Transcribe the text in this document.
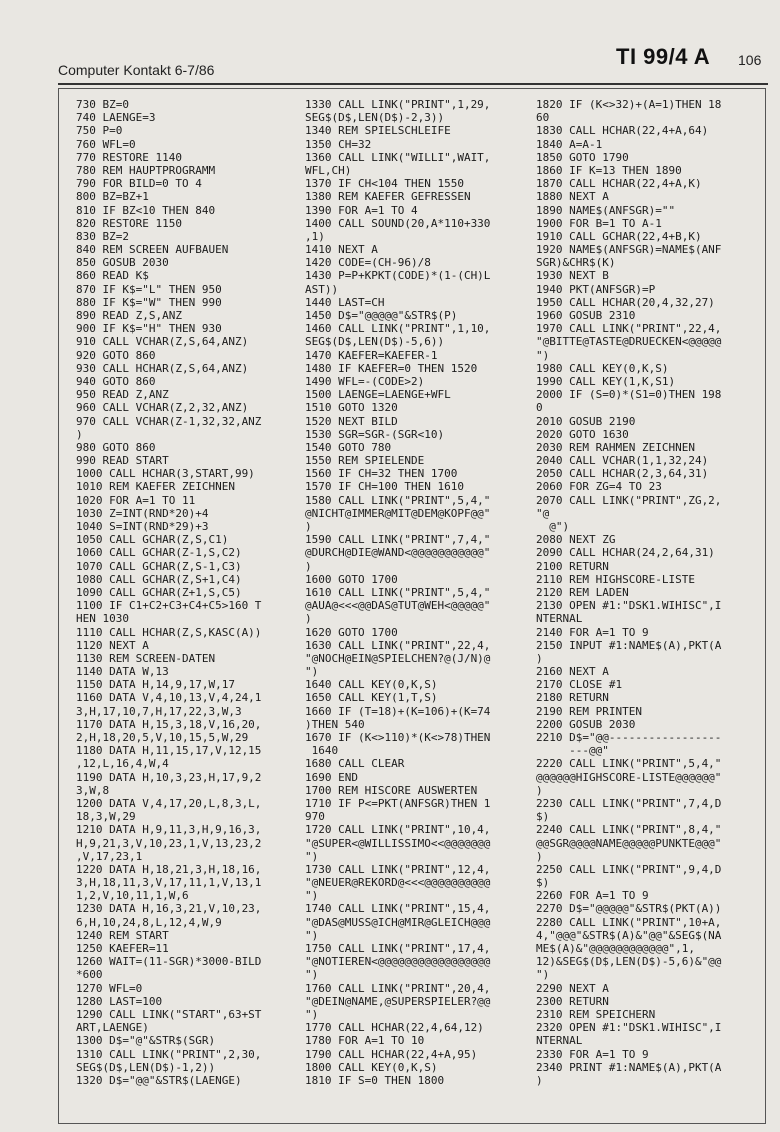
Computer Kontakt 6-7/86
TI 99/4 A 106
730 BZ=0
740 LAENGE=3
750 P=0
760 WFL=0
770 RESTORE 1140
780 REM HAUPTPROGRAMM
790 FOR BILD=0 TO 4
800 BZ=BZ+1
810 IF BZ<10 THEN 840
820 RESTORE 1150
830 BZ=2
840 REM SCREEN AUFBAUEN
850 GOSUB 2030
860 READ K$
870 IF K$="L" THEN 950
880 IF K$="W" THEN 990
890 READ Z,S,ANZ
900 IF K$="H" THEN 930
910 CALL VCHAR(Z,S,64,ANZ)
920 GOTO 860
930 CALL HCHAR(Z,S,64,ANZ)
940 GOTO 860
950 READ Z,ANZ
960 CALL VCHAR(Z,2,32,ANZ)
970 CALL VCHAR(Z-1,32,32,ANZ
)
980 GOTO 860
990 READ START
1000 CALL HCHAR(3,START,99)
1010 REM KAEFER ZEICHNEN
1020 FOR A=1 TO 11
1030 Z=INT(RND*20)+4
1040 S=INT(RND*29)+3
1050 CALL GCHAR(Z,S,C1)
1060 CALL GCHAR(Z-1,S,C2)
1070 CALL GCHAR(Z,S-1,C3)
1080 CALL GCHAR(Z,S+1,C4)
1090 CALL GCHAR(Z+1,S,C5)
1100 IF C1+C2+C3+C4+C5>160 T
HEN 1030
1110 CALL HCHAR(Z,S,KASC(A))
1120 NEXT A
1130 REM SCREEN-DATEN
1140 DATA W,13
1150 DATA H,14,9,17,W,17
1160 DATA V,4,10,13,V,4,24,1
3,H,17,10,7,H,17,22,3,W,3
1170 DATA H,15,3,18,V,16,20,
2,H,18,20,5,V,10,15,5,W,29
1180 DATA H,11,15,17,V,12,15
,12,L,16,4,W,4
1190 DATA H,10,3,23,H,17,9,2
3,W,8
1200 DATA V,4,17,20,L,8,3,L,
18,3,W,29
1210 DATA H,9,11,3,H,9,16,3,
H,9,21,3,V,10,23,1,V,13,23,2
,V,17,23,1
1220 DATA H,18,21,3,H,18,16,
3,H,18,11,3,V,17,11,1,V,13,1
1,2,V,10,11,1,W,6
1230 DATA H,16,3,21,V,10,23,
6,H,10,24,8,L,12,4,W,9
1240 REM START
1250 KAEFER=11
1260 WAIT=(11-SGR)*3000-BILD
*600
1270 WFL=0
1280 LAST=100
1290 CALL LINK("START",63+ST
ART,LAENGE)
1300 D$="@"&STR$(SGR)
1310 CALL LINK("PRINT",2,30,
SEG$(D$,LEN(D$)-1,2))
1320 D$="@@"&STR$(LAENGE)
1330 CALL LINK("PRINT",1,29,
SEG$(D$,LEN(D$)-2,3))
1340 REM SPIELSCHLEIFE
1350 CH=32
1360 CALL LINK("WILLI",WAIT,
WFL,CH)
1370 IF CH<104 THEN 1550
1380 REM KAEFER GEFRESSEN
1390 FOR A=1 TO 4
1400 CALL SOUND(20,A*110+330
,1)
1410 NEXT A
1420 CODE=(CH-96)/8
1430 P=P+KPKT(CODE)*(1-(CH)L
AST))
1440 LAST=CH
1450 D$="@@@@@"&STR$(P)
1460 CALL LINK("PRINT",1,10,
SEG$(D$,LEN(D$)-5,6))
1470 KAEFER=KAEFER-1
1480 IF KAEFER=0 THEN 1520
1490 WFL=-(CODE>2)
1500 LAENGE=LAENGE+WFL
1510 GOTO 1320
1520 NEXT BILD
1530 SGR=SGR-(SGR<10)
1540 GOTO 780
1550 REM SPIELENDE
1560 IF CH=32 THEN 1700
1570 IF CH=100 THEN 1610
1580 CALL LINK("PRINT",5,4,"
@NICHT@IMMER@MIT@DEM@KOPF@@"
)
1590 CALL LINK("PRINT",7,4,"
@DURCH@DIE@WAND<@@@@@@@@@@@"
)
1600 GOTO 1700
1610 CALL LINK("PRINT",5,4,"
@AUA@<<<@@DAS@TUT@WEH<@@@@@"
)
1620 GOTO 1700
1630 CALL LINK("PRINT",22,4,
"@NOCH@EIN@SPIELCHEN?@(J/N)@
")
1640 CALL KEY(0,K,S)
1650 CALL KEY(1,T,S)
1660 IF (T=18)+(K=106)+(K=74
)THEN 540
1670 IF (K<>110)*(K<>78)THEN
1640
1680 CALL CLEAR
1690 END
1700 REM HISCORE AUSWERTEN
1710 IF P<=PKT(ANFSGR)THEN 1
970
1720 CALL LINK("PRINT",10,4,
"@SUPER<@WILLISSIMO<<@@@@@@@
")
1730 CALL LINK("PRINT",12,4,
"@NEUER@REKORD@<<<@@@@@@@@@@
")
1740 CALL LINK("PRINT",15,4,
"@DAS@MUSS@ICH@MIR@GLEICH@@@
")
1750 CALL LINK("PRINT",17,4,
"@NOTIEREN<@@@@@@@@@@@@@@@@@
")
1760 CALL LINK("PRINT",20,4,
"@DEIN@NAME,@SUPERSPIELER?@@
")
1770 CALL HCHAR(22,4,64,12)
1780 FOR A=1 TO 10
1790 CALL HCHAR(22,4+A,95)
1800 CALL KEY(0,K,S)
1810 IF S=0 THEN 1800
1820 IF (K<>32)+(A=1)THEN 18
60
1830 CALL HCHAR(22,4+A,64)
1840 A=A-1
1850 GOTO 1790
1860 IF K=13 THEN 1890
1870 CALL HCHAR(22,4+A,K)
1880 NEXT A
1890 NAME$(ANFSGR)=""
1900 FOR B=1 TO A-1
1910 CALL GCHAR(22,4+B,K)
1920 NAME$(ANFSGR)=NAME$(ANF
SGR)&CHR$(K)
1930 NEXT B
1940 PKT(ANFSGR)=P
1950 CALL HCHAR(20,4,32,27)
1960 GOSUB 2310
1970 CALL LINK("PRINT",22,4,
"@BITTE@TASTE@DRUECKEN<@@@@@
")
1980 CALL KEY(0,K,S)
1990 CALL KEY(1,K,S1)
2000 IF (S=0)*(S1=0)THEN 198
0
2010 GOSUB 2190
2020 GOTO 1630
2030 REM RAHMEN ZEICHNEN
2040 CALL VCHAR(1,1,32,24)
2050 CALL HCHAR(2,3,64,31)
2060 FOR ZG=4 TO 23
2070 CALL LINK("PRINT",ZG,2,
"@
@")
2080 NEXT ZG
2090 CALL HCHAR(24,2,64,31)
2100 RETURN
2110 REM HIGHSCORE-LISTE
2120 REM LADEN
2130 OPEN #1:"DSK1.WIHISC",I
NTERNAL
2140 FOR A=1 TO 9
2150 INPUT #1:NAME$(A),PKT(A
)
2160 NEXT A
2170 CLOSE #1
2180 RETURN
2190 REM PRINTEN
2200 GOSUB 2030
2210 D$="@@-----------------
---@@"
2220 CALL LINK("PRINT",5,4,"
@@@@@@HIGHSCORE-LISTE@@@@@@"
)
2230 CALL LINK("PRINT",7,4,D
$)
2240 CALL LINK("PRINT",8,4,"
@@SGR@@@@NAME@@@@@PUNKTE@@@"
)
2250 CALL LINK("PRINT",9,4,D
$)
2260 FOR A=1 TO 9
2270 D$="@@@@@"&STR$(PKT(A))
2280 CALL LINK("PRINT",10+A,
4,"@@@"&STR$(A)&"@@"&SEG$(NA
ME$(A)&"@@@@@@@@@@@@",1,
12)&SEG$(D$,LEN(D$)-5,6)&"@@
")
2290 NEXT A
2300 RETURN
2310 REM SPEICHERN
2320 OPEN #1:"DSK1.WIHISC",I
NTERNAL
2330 FOR A=1 TO 9
2340 PRINT #1:NAME$(A),PKT(A
)
